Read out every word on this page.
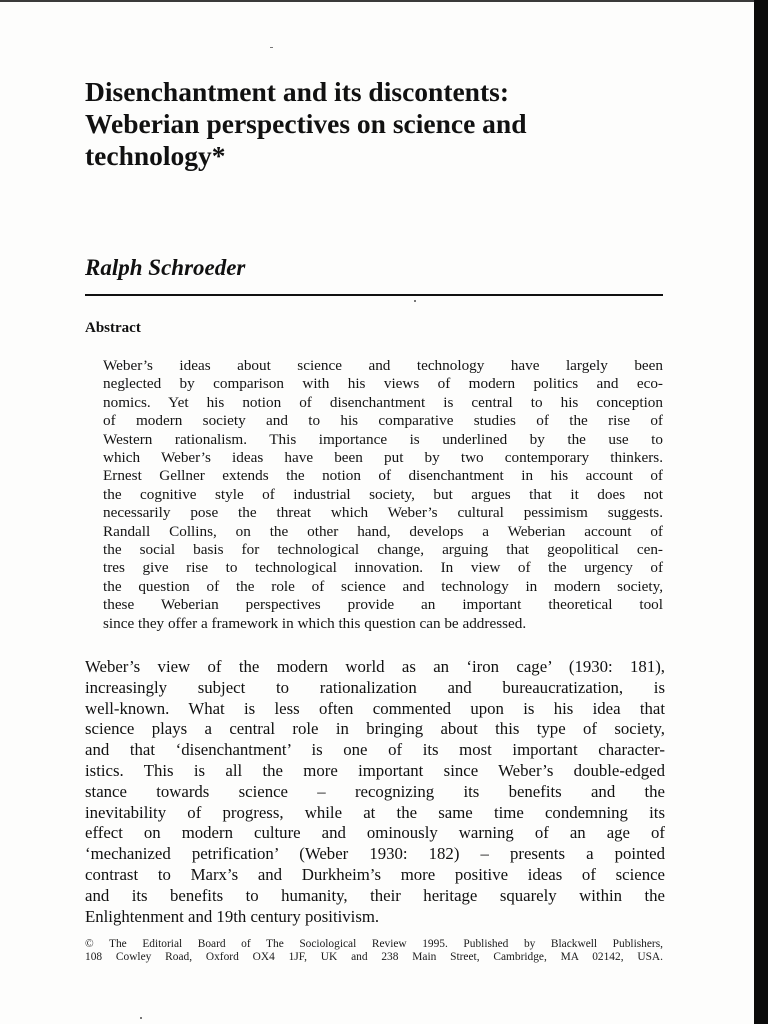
Disenchantment and its discontents:
Weberian perspectives on science and
technology*
Ralph Schroeder
Abstract
Weber’s ideas about science and technology have largely been
neglected by comparison with his views of modern politics and eco-
nomics. Yet his notion of disenchantment is central to his conception
of modern society and to his comparative studies of the rise of
Western rationalism. This importance is underlined by the use to
which Weber’s ideas have been put by two contemporary thinkers.
Ernest Gellner extends the notion of disenchantment in his account of
the cognitive style of industrial society, but argues that it does not
necessarily pose the threat which Weber’s cultural pessimism suggests.
Randall Collins, on the other hand, develops a Weberian account of
the social basis for technological change, arguing that geopolitical cen-
tres give rise to technological innovation. In view of the urgency of
the question of the role of science and technology in modern society,
these Weberian perspectives provide an important theoretical tool
since they offer a framework in which this question can be addressed.
Weber’s view of the modern world as an ‘iron cage’ (1930: 181),
increasingly subject to rationalization and bureaucratization, is
well-known. What is less often commented upon is his idea that
science plays a central role in bringing about this type of society,
and that ‘disenchantment’ is one of its most important character-
istics. This is all the more important since Weber’s double-edged
stance towards science – recognizing its benefits and the
inevitability of progress, while at the same time condemning its
effect on modern culture and ominously warning of an age of
‘mechanized petrification’ (Weber 1930: 182) – presents a pointed
contrast to Marx’s and Durkheim’s more positive ideas of science
and its benefits to humanity, their heritage squarely within the
Enlightenment and 19th century positivism.
© The Editorial Board of The Sociological Review 1995. Published by Blackwell Publishers,
108 Cowley Road, Oxford OX4 1JF, UK and 238 Main Street, Cambridge, MA 02142, USA.
